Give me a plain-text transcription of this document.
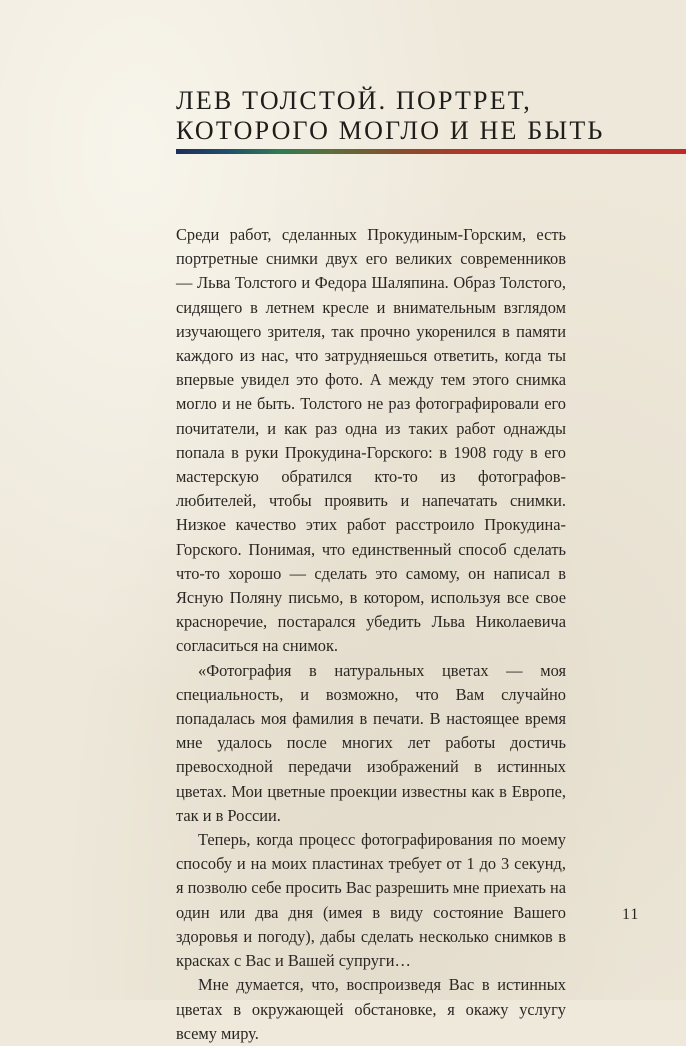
ЛЕВ ТОЛСТОЙ. ПОРТРЕТ,
КОТОРОГО МОГЛО И НЕ БЫТЬ

Среди работ, сделанных Прокудиным-Горским, есть портретные снимки двух его великих современников — Льва Толстого и Федора Шаляпина. Образ Толстого, сидящего в летнем кресле и внимательным взглядом изучающего зрителя, так прочно укоренился в памяти каждого из нас, что затрудняешься ответить, когда ты впервые увидел это фото. А между тем этого снимка могло и не быть. Толстого не раз фотографировали его почитатели, и как раз одна из таких работ однажды попала в руки Прокудина-Горского: в 1908 году в его мастерскую обратился кто-то из фотографов-любителей, чтобы проявить и напечатать снимки. Низкое качество этих работ расстроило Прокудина-Горского. Понимая, что единственный способ сделать что-то хорошо — сделать это самому, он написал в Ясную Поляну письмо, в котором, используя все свое красноречие, постарался убедить Льва Николаевича согласиться на снимок.

«Фотография в натуральных цветах — моя специальность, и возможно, что Вам случайно попадалась моя фамилия в печати. В настоящее время мне удалось после многих лет работы достичь превосходной передачи изображений в истинных цветах. Мои цветные проекции известны как в Европе, так и в России.

Теперь, когда процесс фотографирования по моему способу и на моих пластинах требует от 1 до 3 секунд, я позволю себе просить Вас разрешить мне приехать на один или два дня (имея в виду состояние Вашего здоровья и погоду), дабы сделать несколько снимков в красках с Вас и Вашей супруги…

Мне думается, что, воспроизведя Вас в истинных цветах в окружающей обстановке, я окажу услугу всему миру.

11
